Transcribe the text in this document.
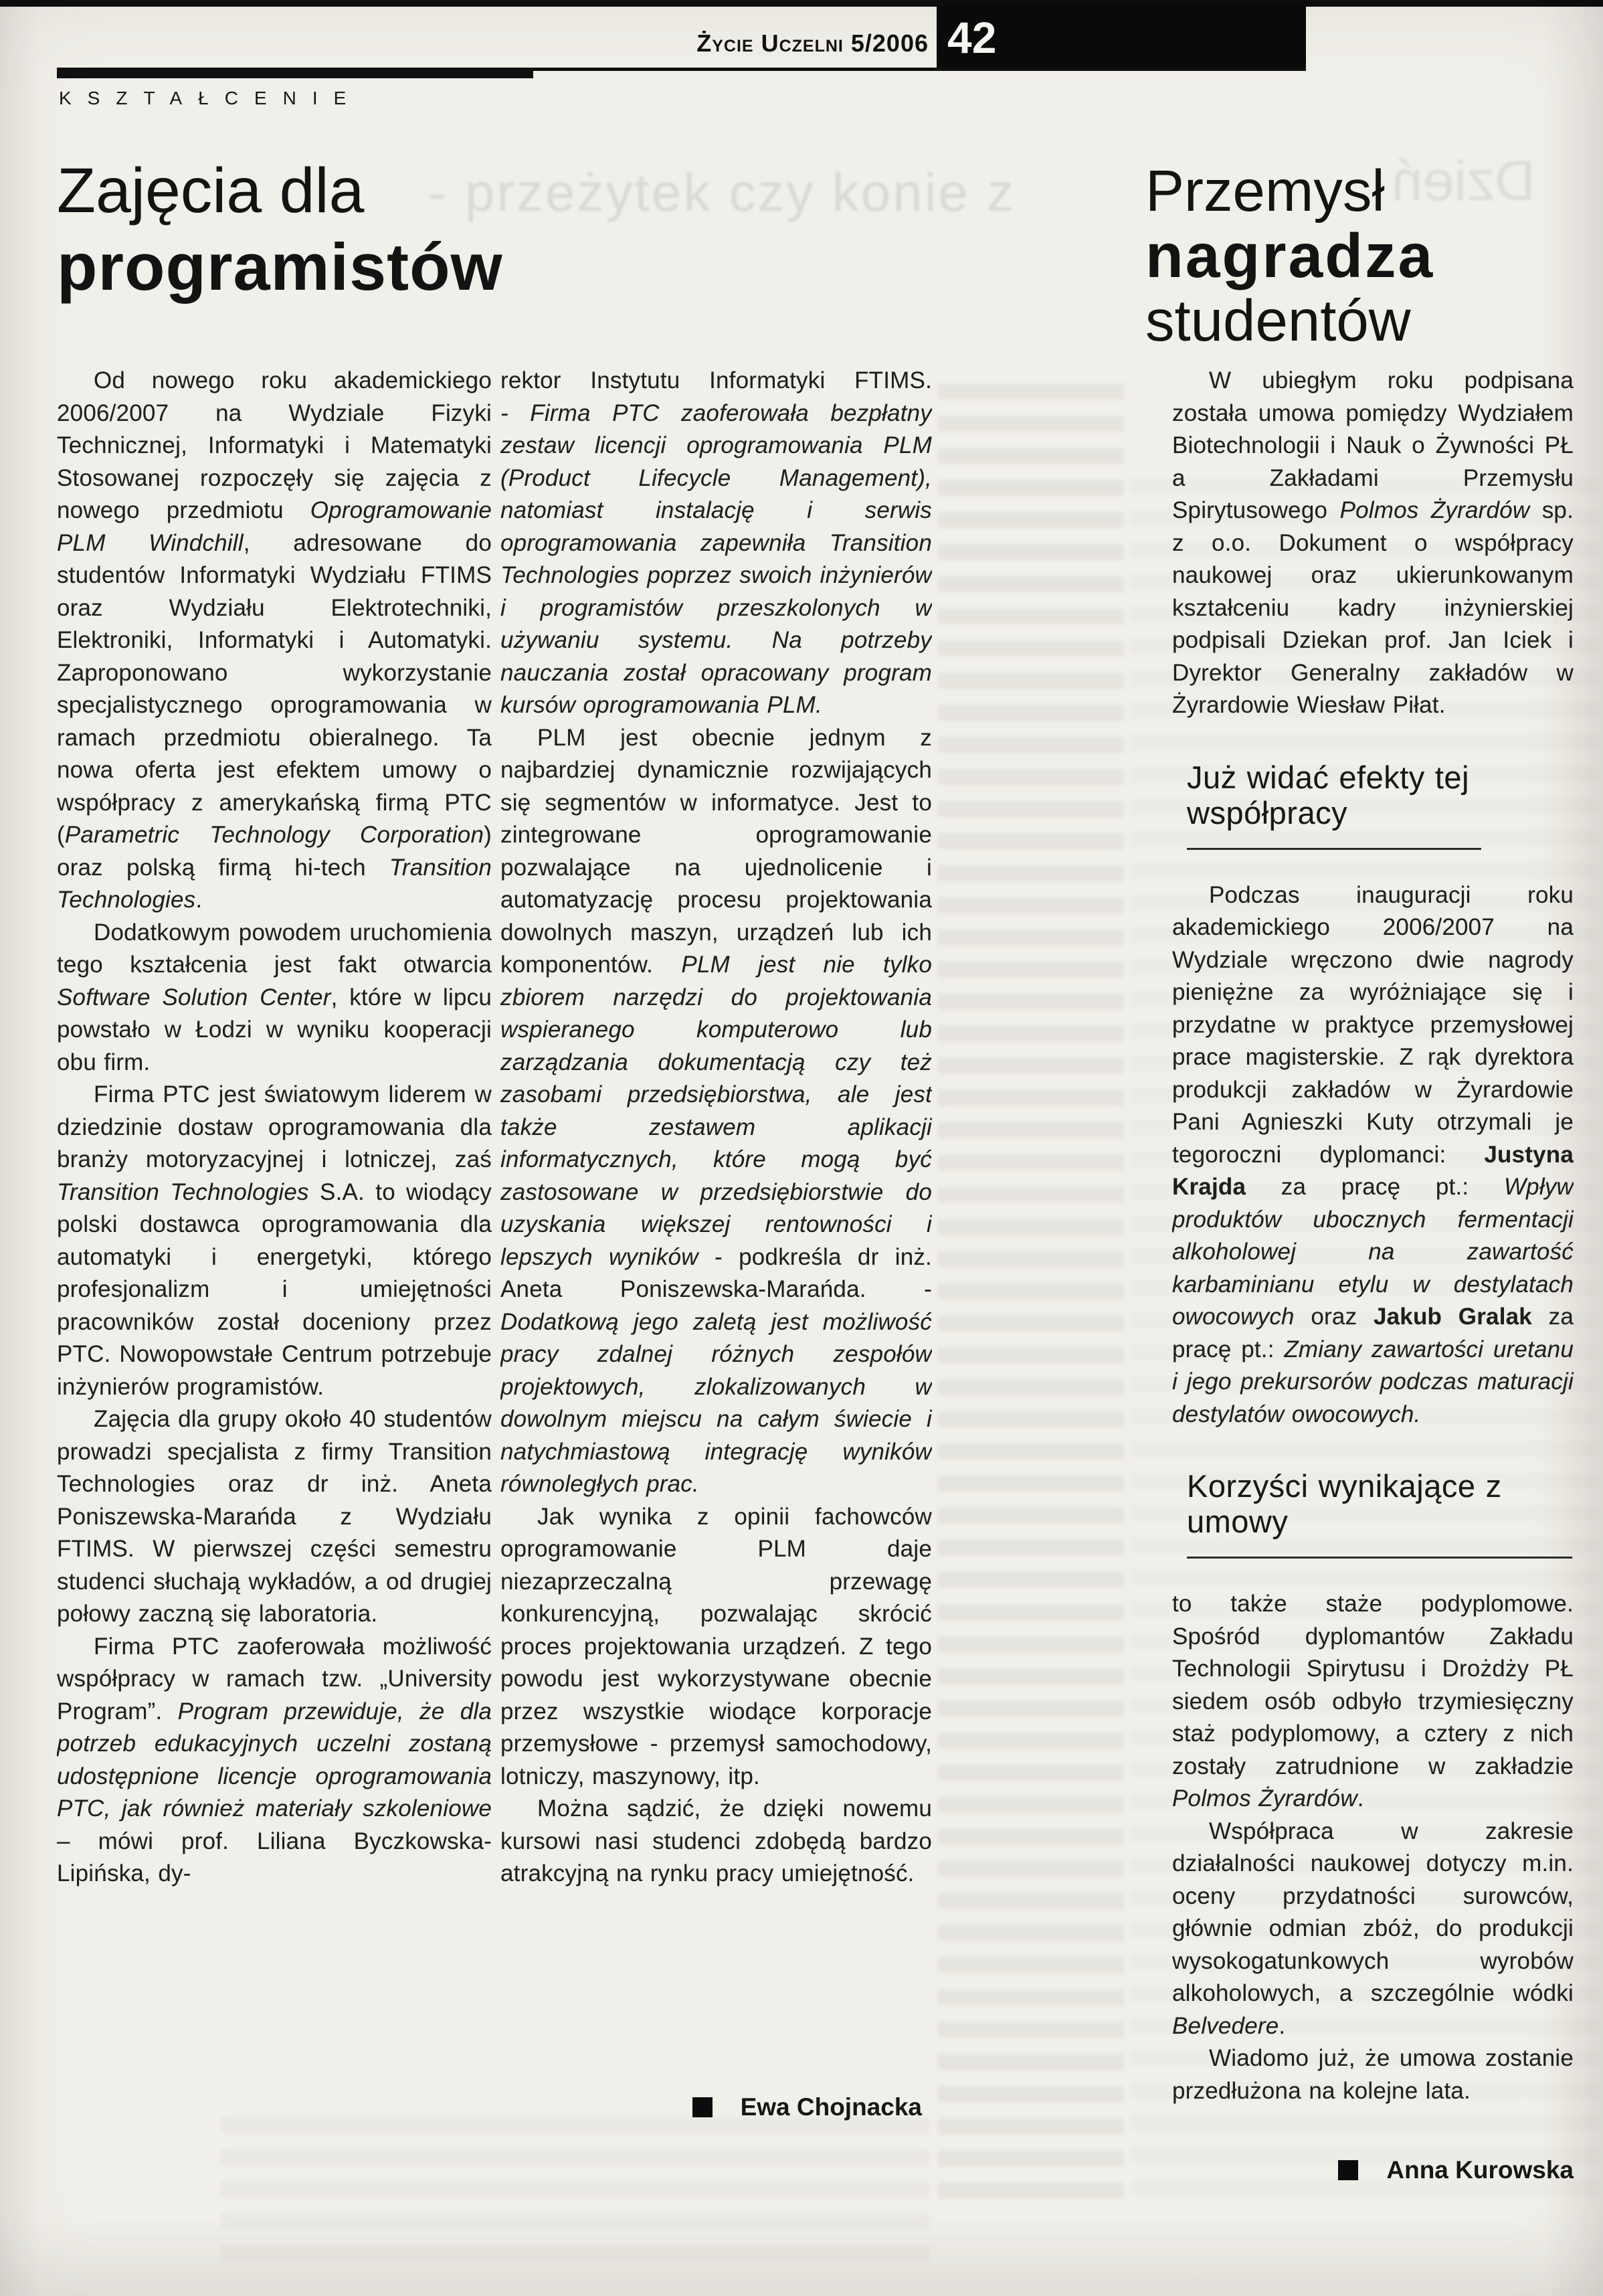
Życie Uczelni 5/2006 42
KSZTAŁCENIE
- przeżytek czy konie z	Dzień
Zajęcia dla
programistów

Od nowego roku akademickiego 2006/2007 na Wydziale Fizyki Technicznej, Informatyki i Matematyki Stosowanej rozpoczęły się zajęcia z nowego przedmiotu Oprogramowanie PLM Windchill, adresowane do studentów Informatyki Wydziału FTIMS oraz Wydziału Elektrotechniki, Elektroniki, Informatyki i Automatyki. Zaproponowano wykorzystanie specjalistycznego oprogramowania w ramach przedmiotu obieralnego. Ta nowa oferta jest efektem umowy o współpracy z amerykańską firmą PTC (Parametric Technology Corporation) oraz polską firmą hi-tech Transition Technologies.

Dodatkowym powodem uruchomienia tego kształcenia jest fakt otwarcia Software Solution Center, które w lipcu powstało w Łodzi w wyniku kooperacji obu firm.

Firma PTC jest światowym liderem w dziedzinie dostaw oprogramowania dla branży motoryzacyjnej i lotniczej, zaś Transition Technologies S.A. to wiodący polski dostawca oprogramowania dla automatyki i energetyki, którego profesjonalizm i umiejętności pracowników został doceniony przez PTC. Nowopowstałe Centrum potrzebuje inżynierów programistów.

Zajęcia dla grupy około 40 studentów prowadzi specjalista z firmy Transition Technologies oraz dr inż. Aneta Poniszewska-Marańda z Wydziału FTIMS. W pierwszej części semestru studenci słuchają wykładów, a od drugiej połowy zaczną się laboratoria.

Firma PTC zaoferowała możliwość współpracy w ramach tzw. „University Program”. Program przewiduje, że dla potrzeb edukacyjnych uczelni zostaną udostępnione licencje oprogramowania PTC, jak również materiały szkoleniowe – mówi prof. Liliana Byczkowska-Lipińska, dy-

rektor Instytutu Informatyki FTIMS.

- Firma PTC zaoferowała bezpłatny zestaw licencji oprogramowania PLM (Product Lifecycle Management), natomiast instalację i serwis oprogramowania zapewniła Transition Technologies poprzez swoich inżynierów i programistów przeszkolonych w używaniu systemu. Na potrzeby nauczania został opracowany program kursów oprogramowania PLM.

PLM jest obecnie jednym z najbardziej dynamicznie rozwijających się segmentów w informatyce. Jest to zintegrowane oprogramowanie pozwalające na ujednolicenie i automatyzację procesu projektowania dowolnych maszyn, urządzeń lub ich komponentów. PLM jest nie tylko zbiorem narzędzi do projektowania wspieranego komputerowo lub zarządzania dokumentacją czy też zasobami przedsiębiorstwa, ale jest także zestawem aplikacji informatycznych, które mogą być zastosowane w przedsiębiorstwie do uzyskania większej rentowności i lepszych wyników - podkreśla dr inż. Aneta Poniszewska-Marańda. - Dodatkową jego zaletą jest możliwość pracy zdalnej różnych zespołów projektowych, zlokalizowanych w dowolnym miejscu na całym świecie i natychmiastową integrację wyników równoległych prac.

Jak wynika z opinii fachowców oprogramowanie PLM daje niezaprzeczalną przewagę konkurencyjną, pozwalając skrócić proces projektowania urządzeń. Z tego powodu jest wykorzystywane obecnie przez wszystkie wiodące korporacje przemysłowe - przemysł samochodowy, lotniczy, maszynowy, itp.

Można sądzić, że dzięki nowemu kursowi nasi studenci zdobędą bardzo atrakcyjną na rynku pracy umiejętność.

Ewa Chojnacka
Przemysł
nagradza
studentów

W ubiegłym roku podpisana została umowa pomiędzy Wydziałem Biotechnologii i Nauk o Żywności PŁ a Zakładami Przemysłu Spirytusowego Polmos Żyrardów sp. z o.o. Dokument o współpracy naukowej oraz ukierunkowanym kształceniu kadry inżynierskiej podpisali Dziekan prof. Jan Iciek i Dyrektor Generalny zakładów w Żyrardowie Wiesław Piłat.

Już widać efekty tej współpracy

Podczas inauguracji roku akademickiego 2006/2007 na Wydziale wręczono dwie nagrody pieniężne za wyróżniające się i przydatne w praktyce przemysłowej prace magisterskie. Z rąk dyrektora produkcji zakładów w Żyrardowie Pani Agnieszki Kuty otrzymali je tegoroczni dyplomanci: Justyna Krajda za pracę pt.: Wpływ produktów ubocznych fermentacji alkoholowej na zawartość karbaminianu etylu w destylatach owocowych oraz Jakub Gralak za pracę pt.: Zmiany zawartości uretanu i jego prekursorów podczas maturacji destylatów owocowych.

Korzyści wynikające z umowy

to także staże podyplomowe. Spośród dyplomantów Zakładu Technologii Spirytusu i Drożdży PŁ siedem osób odbyło trzymiesięczny staż podyplomowy, a cztery z nich zostały zatrudnione w zakładzie Polmos Żyrardów.

Współpraca w zakresie działalności naukowej dotyczy m.in. oceny przydatności surowców, głównie odmian zbóż, do produkcji wysokogatunkowych wyrobów alkoholowych, a szczególnie wódki Belvedere.

Wiadomo już, że umowa zostanie przedłużona na kolejne lata.

Anna Kurowska
